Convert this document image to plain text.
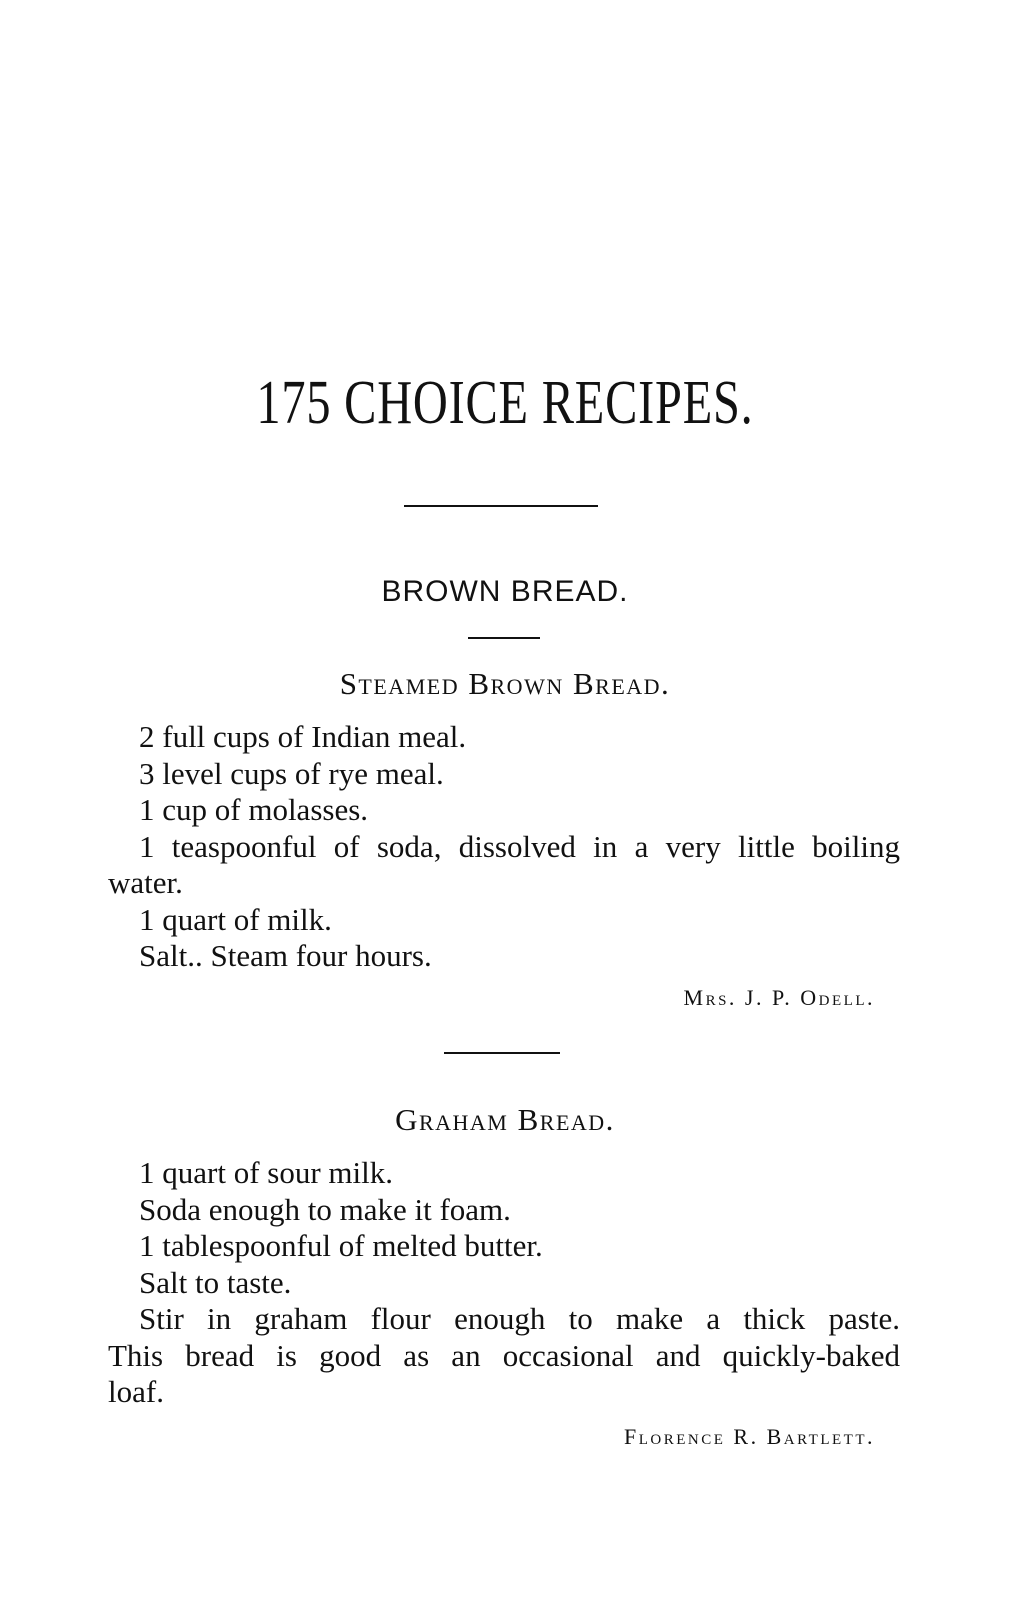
175 CHOICE RECIPES.
BROWN BREAD.
Steamed Brown Bread.
2 full cups of Indian meal.
3 level cups of rye meal.
1 cup of molasses.
1 teaspoonful of soda, dissolved in a very little boiling
water.
1 quart of milk.
Salt.. Steam four hours.
Mrs. J. P. Odell.
Graham Bread.
1 quart of sour milk.
Soda enough to make it foam.
1 tablespoonful of melted butter.
Salt to taste.
Stir in graham flour enough to make a thick paste.
This bread is good as an occasional and quickly-baked
loaf.
Florence R. Bartlett.
